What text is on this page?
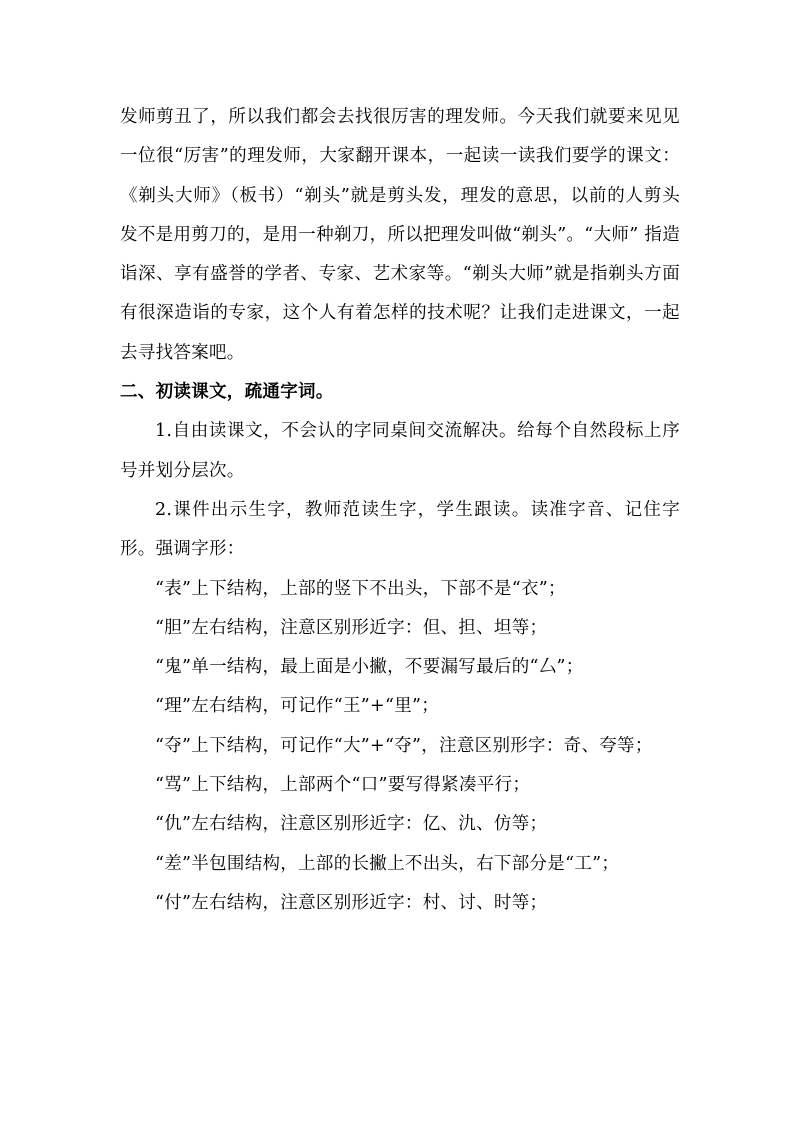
发师剪丑了，所以我们都会去找很厉害的理发师。今天我们就要来见见一位很“厉害”的理发师，大家翻开课本，一起读一读我们要学的课文：《剃头大师》（板书）“剃头”就是剪头发，理发的意思，以前的人剪头发不是用剪刀的，是用一种剃刀，所以把理发叫做“剃头”。“大师” 指造诣深、享有盛誉的学者、专家、艺术家等。“剃头大师”就是指剃头方面有很深造诣的专家，这个人有着怎样的技术呢？让我们走进课文，一起去寻找答案吧。

二、初读课文，疏通字词。

1.自由读课文，不会认的字同桌间交流解决。给每个自然段标上序号并划分层次。

2.课件出示生字，教师范读生字，学生跟读。读准字音、记住字形。强调字形：

“表”上下结构，上部的竖下不出头，下部不是“衣”；

“胆”左右结构，注意区别形近字：但、担、坦等；

“鬼”单一结构，最上面是小撇，不要漏写最后的“厶”；

“理”左右结构，可记作“王”+“里”；

“夺”上下结构，可记作“大”+“夺”，注意区别形字：奇、夸等；

“骂”上下结构，上部两个“口”要写得紧凑平行；

“仇”左右结构，注意区别形近字：亿、氿、仿等；

“差”半包围结构，上部的长撇上不出头，右下部分是“工”；

“付”左右结构，注意区别形近字：村、讨、时等；
